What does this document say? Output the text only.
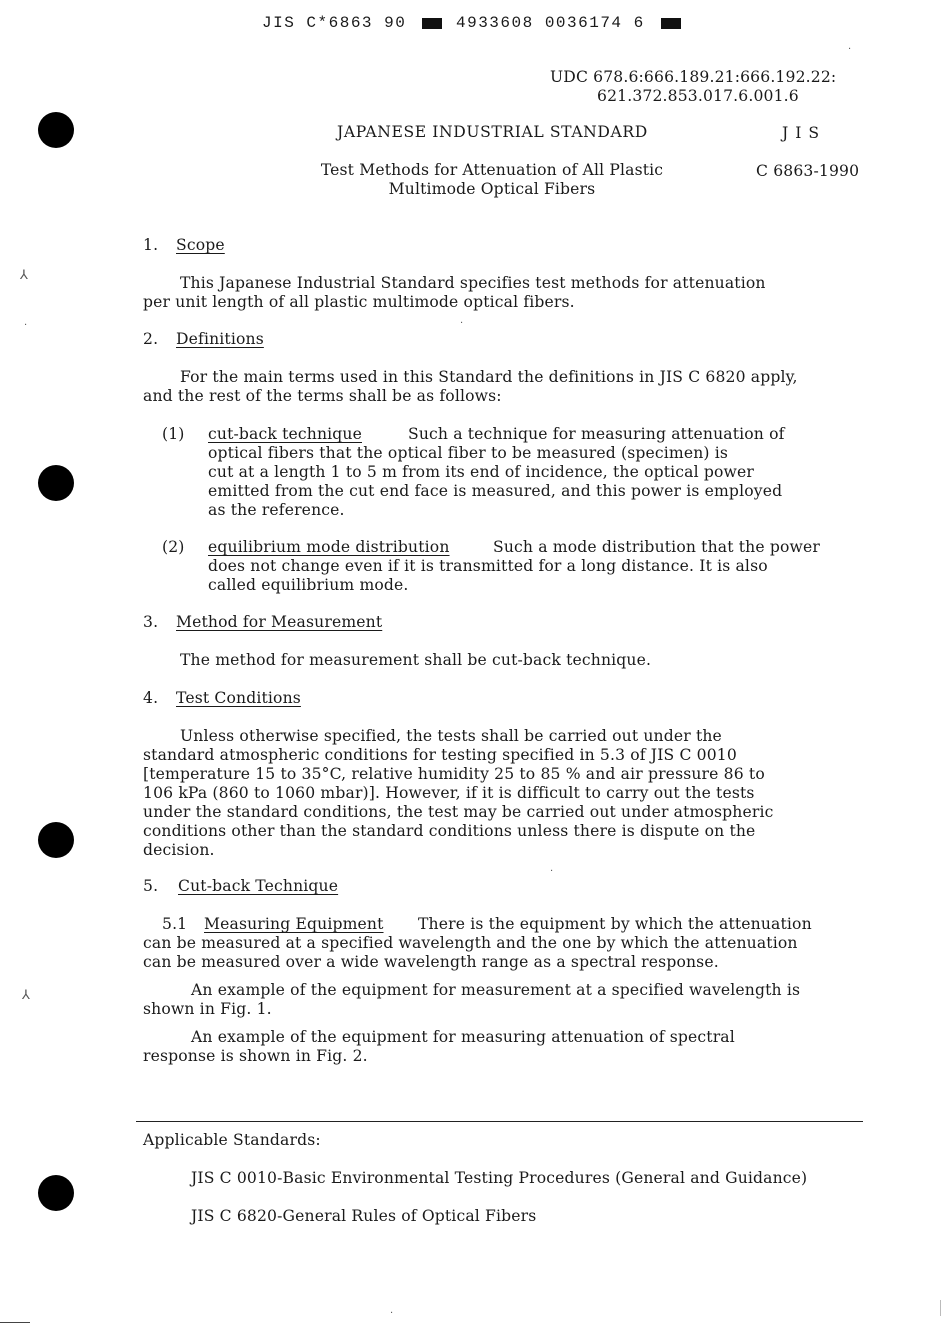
JIS C*6863 90	4933608 0036174 6
⅄
⅄
·
·
·
·
·
UDC 678.6:666.189.21:666.192.22:
621.372.853.017.6.001.6
JAPANESE INDUSTRIAL STANDARD	J I S
Test Methods for Attenuation of All Plastic
Multimode Optical Fibers
C 6863-1990
1. Scope
This Japanese Industrial Standard specifies test methods for attenuation
per unit length of all plastic multimode optical fibers.
2. Definitions
For the main terms used in this Standard the definitions in JIS C 6820 apply,
and the rest of the terms shall be as follows:
(1) cut-back technique	Such a technique for measuring attenuation of
optical fibers that the optical fiber to be measured (specimen) is
cut at a length 1 to 5 m from its end of incidence, the optical power
emitted from the cut end face is measured, and this power is employed
as the reference.
(2) equilibrium mode distribution	Such a mode distribution that the power
does not change even if it is transmitted for a long distance. It is also
called equilibrium mode.
3. Method for Measurement
The method for measurement shall be cut-back technique.
4. Test Conditions
Unless otherwise specified, the tests shall be carried out under the
standard atmospheric conditions for testing specified in 5.3 of JIS C 0010
[temperature 15 to 35°C, relative humidity 25 to 85 % and air pressure 86 to
106 kPa (860 to 1060 mbar)]. However, if it is difficult to carry out the tests
under the standard conditions, the test may be carried out under atmospheric
conditions other than the standard conditions unless there is dispute on the
decision.
5. Cut-back Technique
5.1 Measuring Equipment There is the equipment by which the attenuation
can be measured at a specified wavelength and the one by which the attenuation
can be measured over a wide wavelength range as a spectral response.
An example of the equipment for measurement at a specified wavelength is
shown in Fig. 1.
An example of the equipment for measuring attenuation of spectral
response is shown in Fig. 2.
Applicable Standards:
JIS C 0010-Basic Environmental Testing Procedures (General and Guidance)
JIS C 6820-General Rules of Optical Fibers
